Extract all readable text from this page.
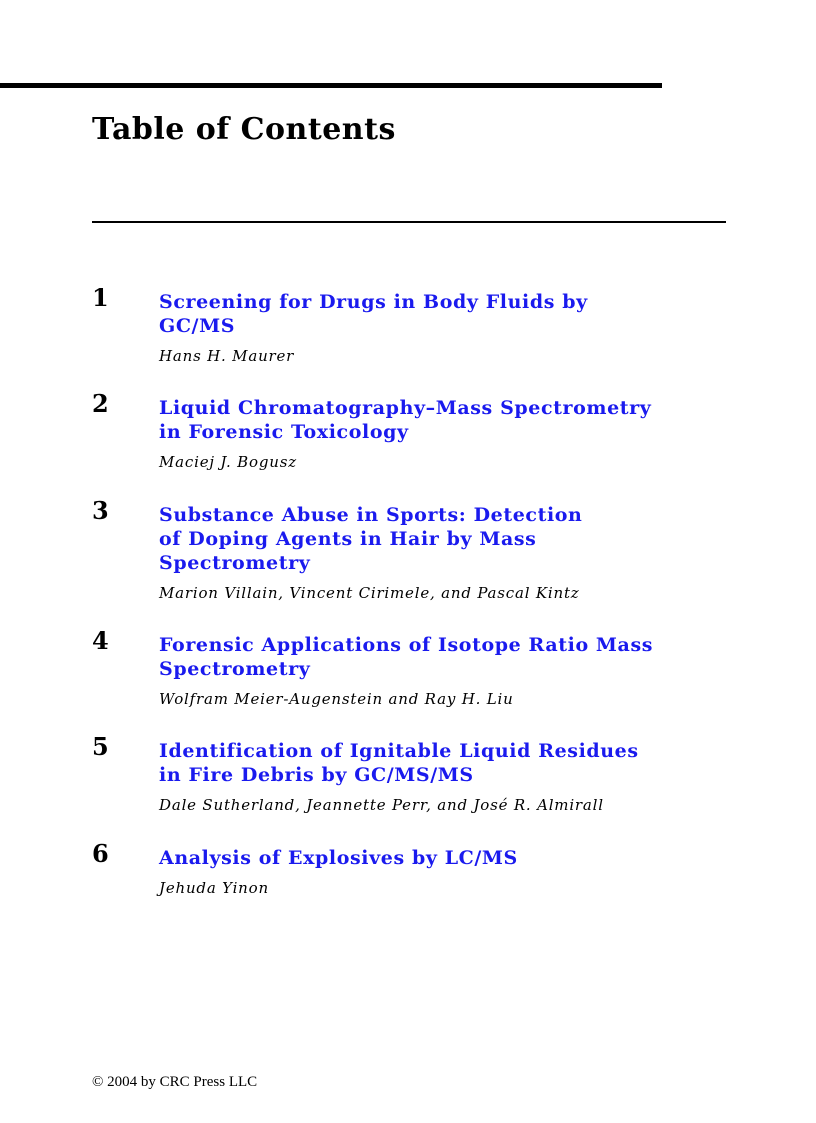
Table of Contents
1	Screening for Drugs in Body Fluids by
GC/MS
Hans H. Maurer
2	Liquid Chromatography–Mass Spectrometry
in Forensic Toxicology
Maciej J. Bogusz
3	Substance Abuse in Sports: Detection
of Doping Agents in Hair by Mass
Spectrometry
Marion Villain, Vincent Cirimele, and Pascal Kintz
4	Forensic Applications of Isotope Ratio Mass
Spectrometry
Wolfram Meier-Augenstein and Ray H. Liu
5	Identification of Ignitable Liquid Residues
in Fire Debris by GC/MS/MS
Dale Sutherland, Jeannette Perr, and José R. Almirall
6	Analysis of Explosives by LC/MS
Jehuda Yinon
© 2004 by CRC Press LLC
